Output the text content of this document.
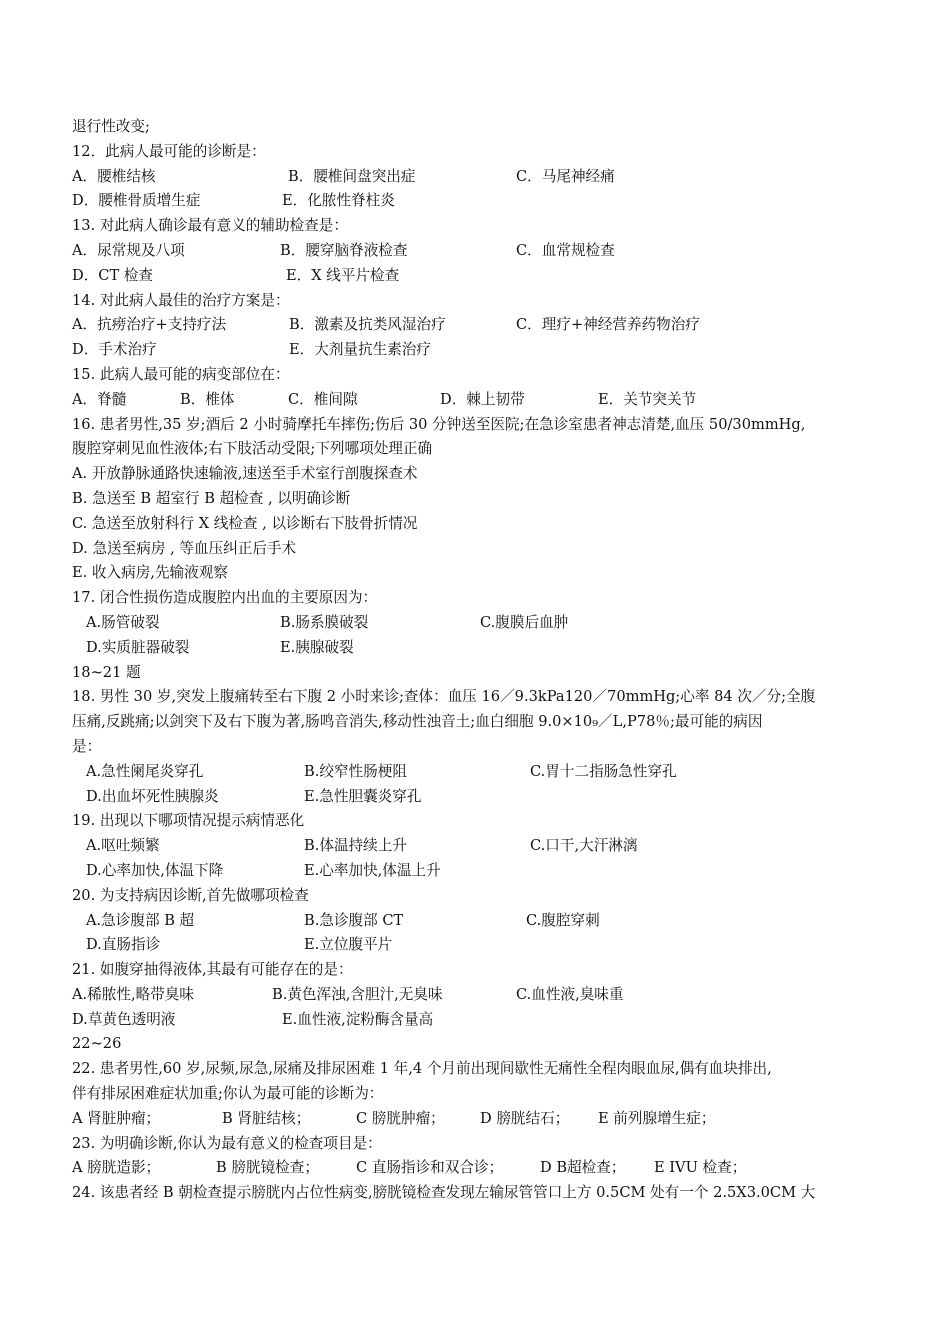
退行性改变;
12．此病人最可能的诊断是：
A．腰椎结核	B．腰椎间盘突出症	C．马尾神经痛
D．腰椎骨质增生症	E．化脓性脊柱炎
13. 对此病人确诊最有意义的辅助检查是：
A．尿常规及八项	B．腰穿脑脊液检查	C．血常规检查
D．CT 检查	E．X 线平片检查
14. 对此病人最佳的治疗方案是：
A．抗痨治疗+支持疗法	B．激素及抗类风湿治疗	C．理疗+神经营养药物治疗
D．手术治疗	E．大剂量抗生素治疗
15. 此病人最可能的病变部位在：
A．脊髓	B．椎体	C．椎间隙	D．棘上韧带	E．关节突关节
16. 患者男性,35 岁;酒后 2 小时骑摩托车摔伤;伤后 30 分钟送至医院;在急诊室患者神志清楚,血压 50/30mmHg,
腹腔穿刺见血性液体;右下肢活动受限;下列哪项处理正确
A. 开放静脉通路快速输液,速送至手术室行剖腹探查术
B. 急送至 B 超室行 B 超检查 , 以明确诊断
C. 急送至放射科行 X 线检查 , 以诊断右下肢骨折情况
D. 急送至病房 , 等血压纠正后手术
E. 收入病房,先输液观察
17. 闭合性损伤造成腹腔内出血的主要原因为：
A.肠管破裂	B.肠系膜破裂	C.腹膜后血肿
D.实质脏器破裂	E.胰腺破裂
18~21 题
18. 男性 30 岁,突发上腹痛转至右下腹 2 小时来诊;查体：血压 16／9.3kPa120／70mmHg;心率 84 次／分;全腹
压痛,反跳痛;以剑突下及右下腹为著,肠鸣音消失,移动性浊音土;血白细胞 9.0×10₉／L,P78％;最可能的病因
是：
A.急性阑尾炎穿孔	B.绞窄性肠梗阻	C.胃十二指肠急性穿孔
D.出血坏死性胰腺炎	E.急性胆囊炎穿孔
19. 出现以下哪项情况提示病情恶化
A.呕吐频繁	B.体温持续上升	C.口干,大汗淋漓
D.心率加快,体温下降	E.心率加快,体温上升
20. 为支持病因诊断,首先做哪项检查
A.急诊腹部 B 超	B.急诊腹部 CT	C.腹腔穿刺
D.直肠指诊	E.立位腹平片
21. 如腹穿抽得液体,其最有可能存在的是：
A.稀脓性,略带臭味	B.黄色浑浊,含胆汁,无臭味	C.血性液,臭味重
D.草黄色透明液	E.血性液,淀粉酶含量高
22~26
22. 患者男性,60 岁,尿频,尿急,尿痛及排尿困难 1 年,4 个月前出现间歇性无痛性全程肉眼血尿,偶有血块排出,
伴有排尿困难症状加重;你认为最可能的诊断为：
A 肾脏肿瘤；	B 肾脏结核；	C 膀胱肿瘤；	D 膀胱结石；	E 前列腺增生症；
23. 为明确诊断,你认为最有意义的检查项目是：
A 膀胱造影；	B 膀胱镜检查；	C 直肠指诊和双合诊；	D B超检查；	E IVU 检查；
24. 该患者经 B 朝检查提示膀胱内占位性病变,膀胱镜检查发现左输尿管管口上方 0.5CM 处有一个 2.5X3.0CM 大
